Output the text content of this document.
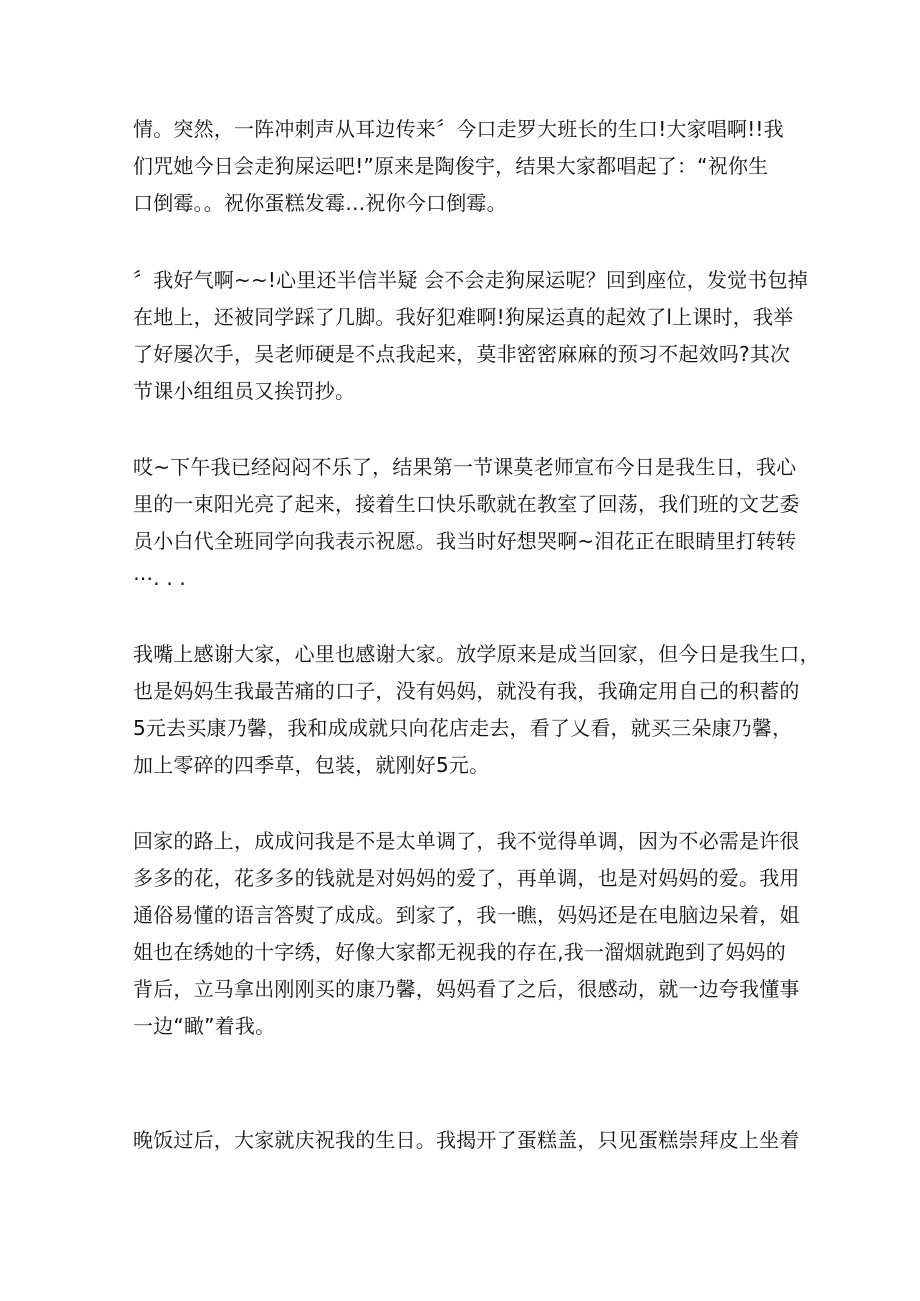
情。突然，一阵冲刺声从耳边传来〞今口走罗大班长的生口!大家唱啊!!我
们咒她今日会走狗屎运吧!”原来是陶俊宇，结果大家都唱起了：“祝你生
口倒霉。。祝你蛋糕发霉…祝你今口倒霉。
〞我好气啊~~!心里还半信半疑 会不会走狗屎运呢？回到座位，发觉书包掉
在地上，还被同学踩了几脚。我好犯难啊!狗屎运真的起效了l上课时，我举
了好屡次手，吴老师硬是不点我起来，莫非密密麻麻的预习不起效吗?其次
节课小组组员又挨罚抄。
哎~下午我已经闷闷不乐了，结果第一节课莫老师宣布今日是我生日，我心
里的一束阳光亮了起来，接着生口快乐歌就在教室了回荡，我们班的文艺委
员小白代全班同学向我表示祝愿。我当时好想哭啊~泪花正在眼睛里打转转
⋯. . .
我嘴上感谢大家，心里也感谢大家。放学原来是成当回家，但今日是我生口，
也是妈妈生我最苦痛的口子，没有妈妈，就没有我，我确定用自己的积蓄的
5元去买康乃馨，我和成成就只向花店走去，看了乂看，就买三朵康乃馨，
加上零碎的四季草，包装，就刚好5元。
回家的路上，成成问我是不是太单调了，我不觉得单调，因为不必需是许很
多多的花，花多多的钱就是对妈妈的爱了，再单调，也是对妈妈的爱。我用
通俗易懂的语言答熨了成成。到家了，我一瞧，妈妈还是在电脑边呆着，姐
姐也在绣她的十字绣，好像大家都无视我的存在,我一溜烟就跑到了妈妈的
背后，立马拿出刚刚买的康乃馨，妈妈看了之后，很感动，就一边夸我懂事
一边“瞰”着我。
晚饭过后，大家就庆祝我的生日。我揭开了蛋糕盖，只见蛋糕崇拜皮上坐着
